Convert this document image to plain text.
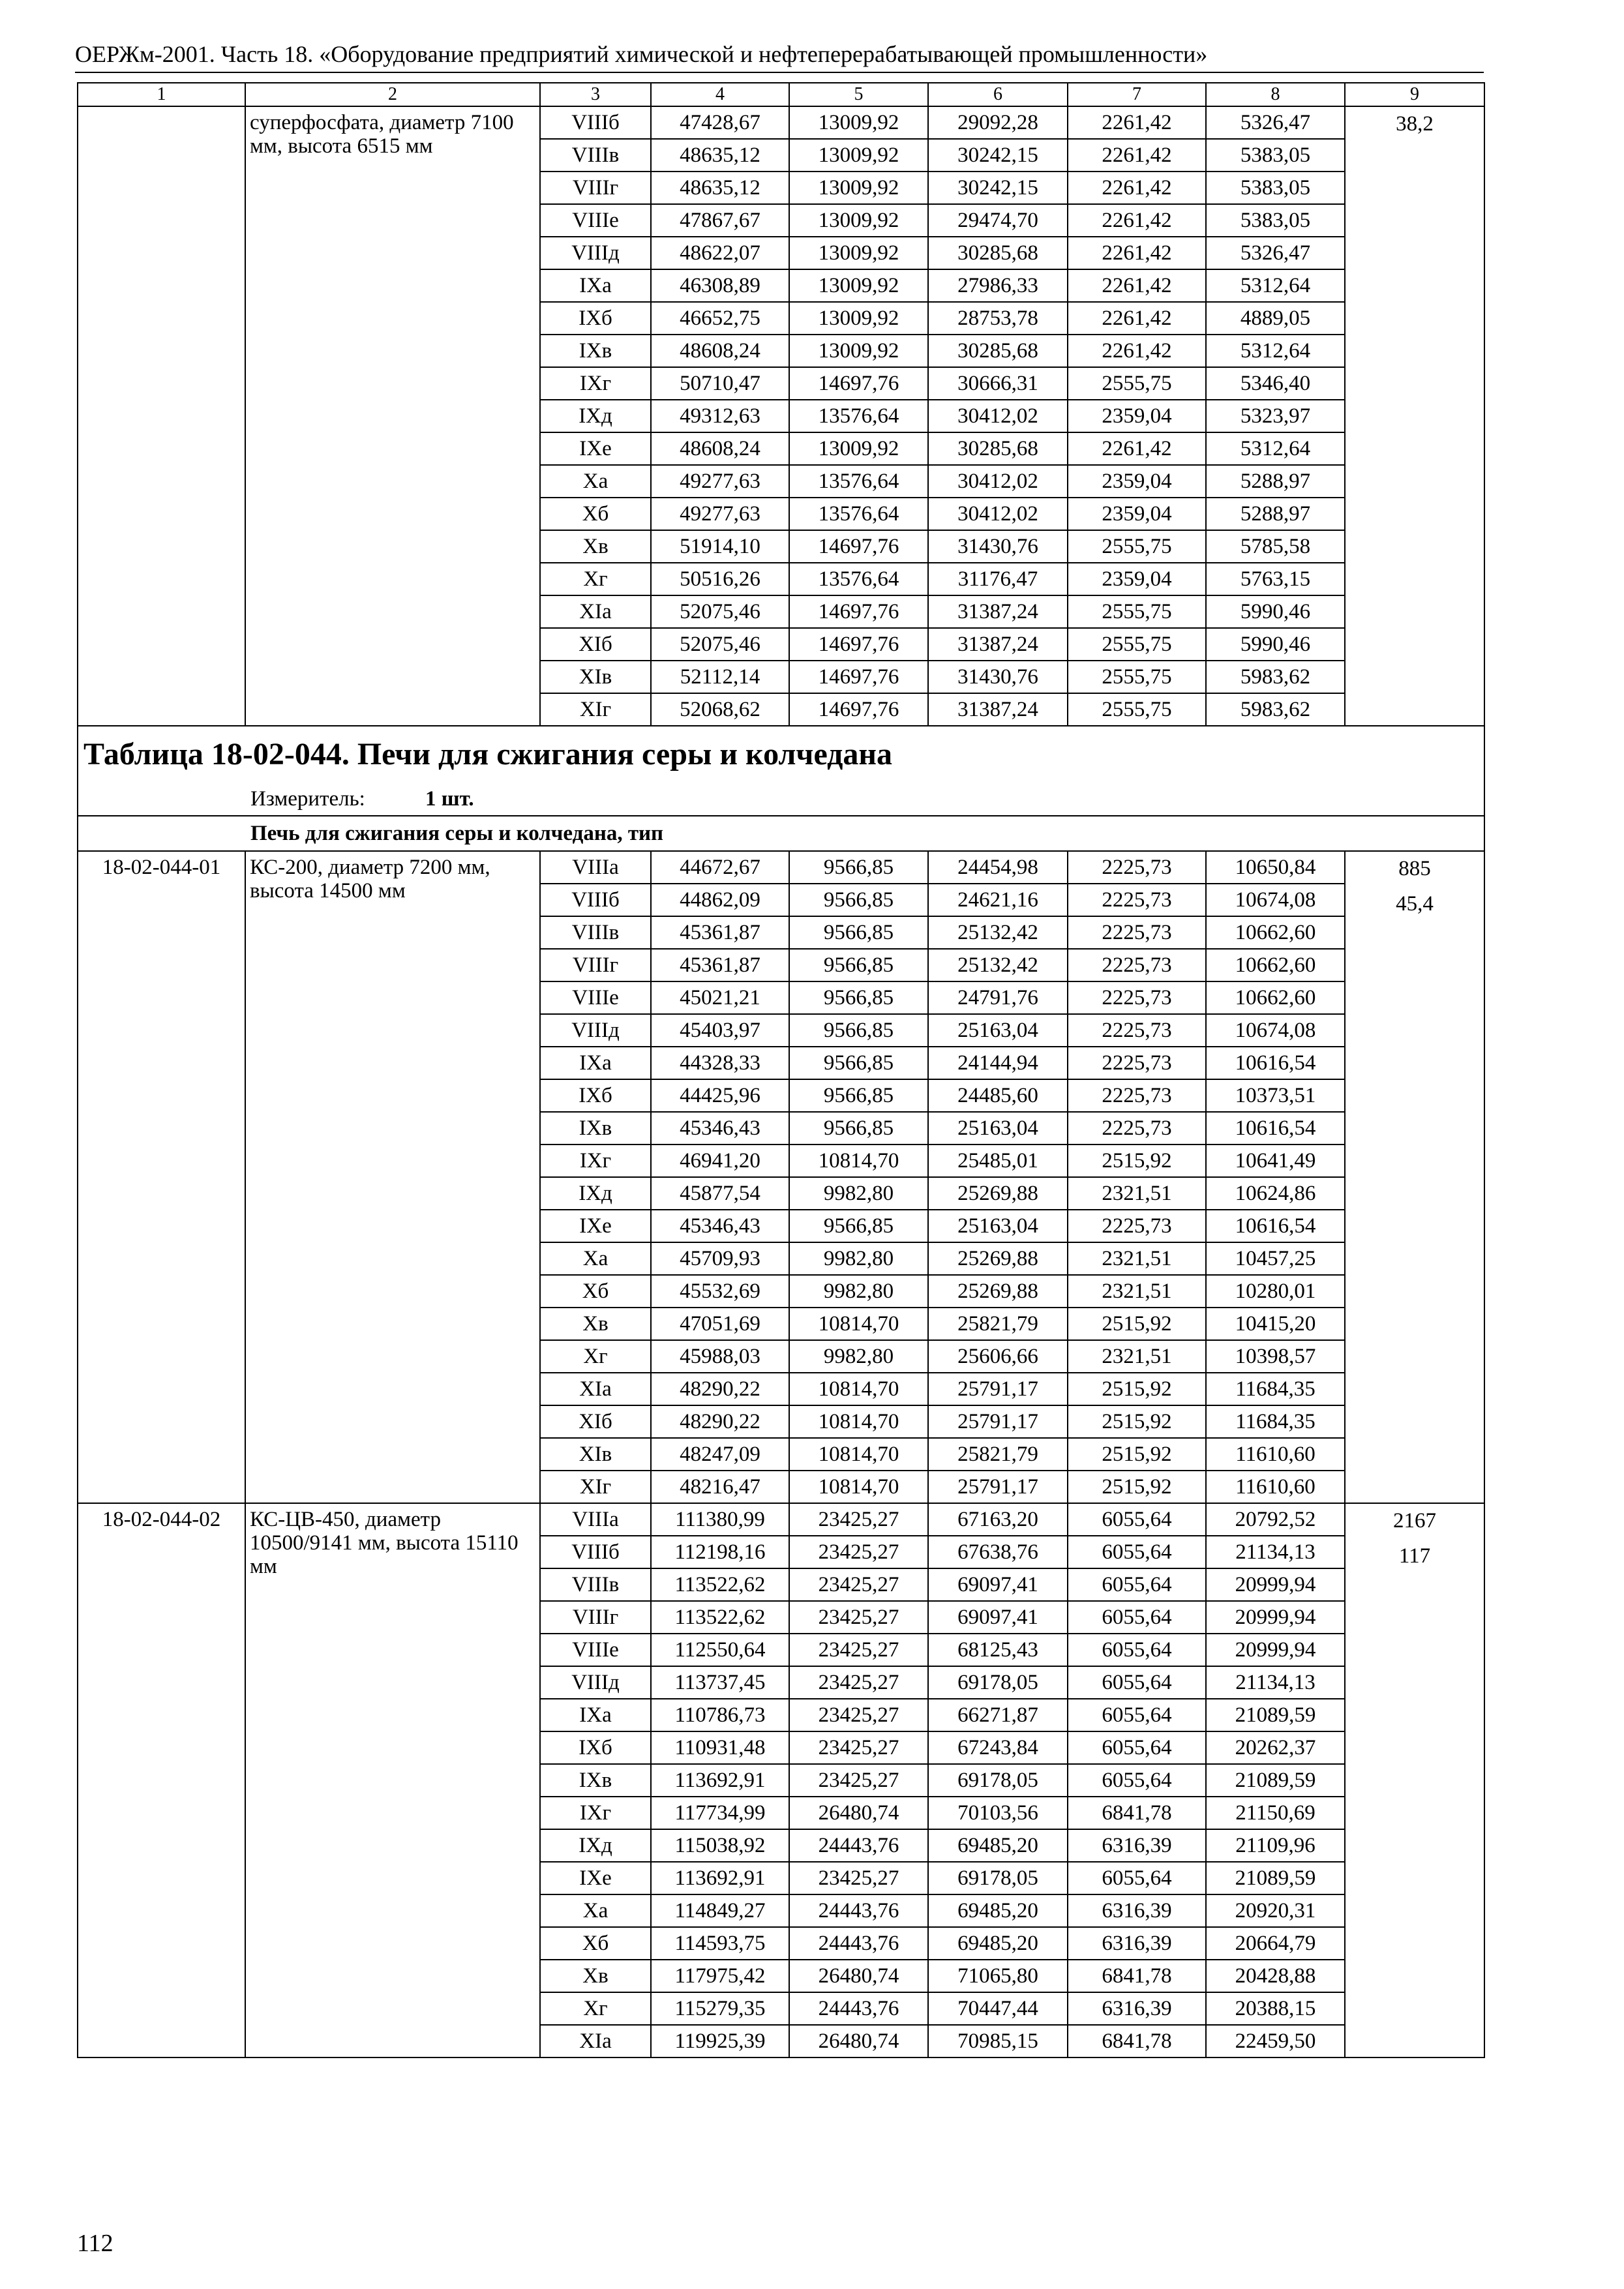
ОЕРЖм-2001. Часть 18. «Оборудование предприятий химической и нефтеперерабатывающей промышленности»
1	2	3	4	5	6	7	8	9
	суперфосфата, диаметр 7100 мм, высота 6515 мм	VIIIб	47428,67	13009,92	29092,28	2261,42	5326,47	38,2

		VIIIв	48635,12	13009,92	30242,15	2261,42	5383,05	
		VIIIг	48635,12	13009,92	30242,15	2261,42	5383,05	
		VIIIе	47867,67	13009,92	29474,70	2261,42	5383,05	
		VIIIд	48622,07	13009,92	30285,68	2261,42	5326,47	
		IXа	46308,89	13009,92	27986,33	2261,42	5312,64	
		IXб	46652,75	13009,92	28753,78	2261,42	4889,05	
		IXв	48608,24	13009,92	30285,68	2261,42	5312,64	
		IXг	50710,47	14697,76	30666,31	2555,75	5346,40	
		IXд	49312,63	13576,64	30412,02	2359,04	5323,97	
		IXе	48608,24	13009,92	30285,68	2261,42	5312,64	
		Xа	49277,63	13576,64	30412,02	2359,04	5288,97	
		Xб	49277,63	13576,64	30412,02	2359,04	5288,97	
		Xв	51914,10	14697,76	31430,76	2555,75	5785,58	
		Xг	50516,26	13576,64	31176,47	2359,04	5763,15	
		XIа	52075,46	14697,76	31387,24	2555,75	5990,46	
		XIб	52075,46	14697,76	31387,24	2555,75	5990,46	
		XIв	52112,14	14697,76	31430,76	2555,75	5983,62	
		XIг	52068,62	14697,76	31387,24	2555,75	5983,62	
Таблица 18-02-044. Печи для сжигания серы и колчедана								
Измеритель: 1 шт.								
Печь для сжигания серы и колчедана, тип								
18-02-044-01	КС-200, диаметр 7200 мм, высота 14500 мм	VIIIа	44672,67	9566,85	24454,98	2225,73	10650,84	885
45,4

		VIIIб	44862,09	9566,85	24621,16	2225,73	10674,08	
		VIIIв	45361,87	9566,85	25132,42	2225,73	10662,60	
		VIIIг	45361,87	9566,85	25132,42	2225,73	10662,60	
		VIIIе	45021,21	9566,85	24791,76	2225,73	10662,60	
		VIIIд	45403,97	9566,85	25163,04	2225,73	10674,08	
		IXа	44328,33	9566,85	24144,94	2225,73	10616,54	
		IXб	44425,96	9566,85	24485,60	2225,73	10373,51	
		IXв	45346,43	9566,85	25163,04	2225,73	10616,54	
		IXг	46941,20	10814,70	25485,01	2515,92	10641,49	
		IXд	45877,54	9982,80	25269,88	2321,51	10624,86	
		IXе	45346,43	9566,85	25163,04	2225,73	10616,54	
		Xа	45709,93	9982,80	25269,88	2321,51	10457,25	
		Xб	45532,69	9982,80	25269,88	2321,51	10280,01	
		Xв	47051,69	10814,70	25821,79	2515,92	10415,20	
		Xг	45988,03	9982,80	25606,66	2321,51	10398,57	
		XIа	48290,22	10814,70	25791,17	2515,92	11684,35	
		XIб	48290,22	10814,70	25791,17	2515,92	11684,35	
		XIв	48247,09	10814,70	25821,79	2515,92	11610,60	
		XIг	48216,47	10814,70	25791,17	2515,92	11610,60	
18-02-044-02	КС-ЦВ-450, диаметр 10500/9141 мм, высота 15110 мм	VIIIа	111380,99	23425,27	67163,20	6055,64	20792,52	2167
117

		VIIIб	112198,16	23425,27	67638,76	6055,64	21134,13	
		VIIIв	113522,62	23425,27	69097,41	6055,64	20999,94	
		VIIIг	113522,62	23425,27	69097,41	6055,64	20999,94	
		VIIIе	112550,64	23425,27	68125,43	6055,64	20999,94	
		VIIIд	113737,45	23425,27	69178,05	6055,64	21134,13	
		IXа	110786,73	23425,27	66271,87	6055,64	21089,59	
		IXб	110931,48	23425,27	67243,84	6055,64	20262,37	
		IXв	113692,91	23425,27	69178,05	6055,64	21089,59	
		IXг	117734,99	26480,74	70103,56	6841,78	21150,69	
		IXд	115038,92	24443,76	69485,20	6316,39	21109,96	
		IXе	113692,91	23425,27	69178,05	6055,64	21089,59	
		Xа	114849,27	24443,76	69485,20	6316,39	20920,31	
		Xб	114593,75	24443,76	69485,20	6316,39	20664,79	
		Xв	117975,42	26480,74	71065,80	6841,78	20428,88	
		Xг	115279,35	24443,76	70447,44	6316,39	20388,15	
		XIа	119925,39	26480,74	70985,15	6841,78	22459,50	
112
